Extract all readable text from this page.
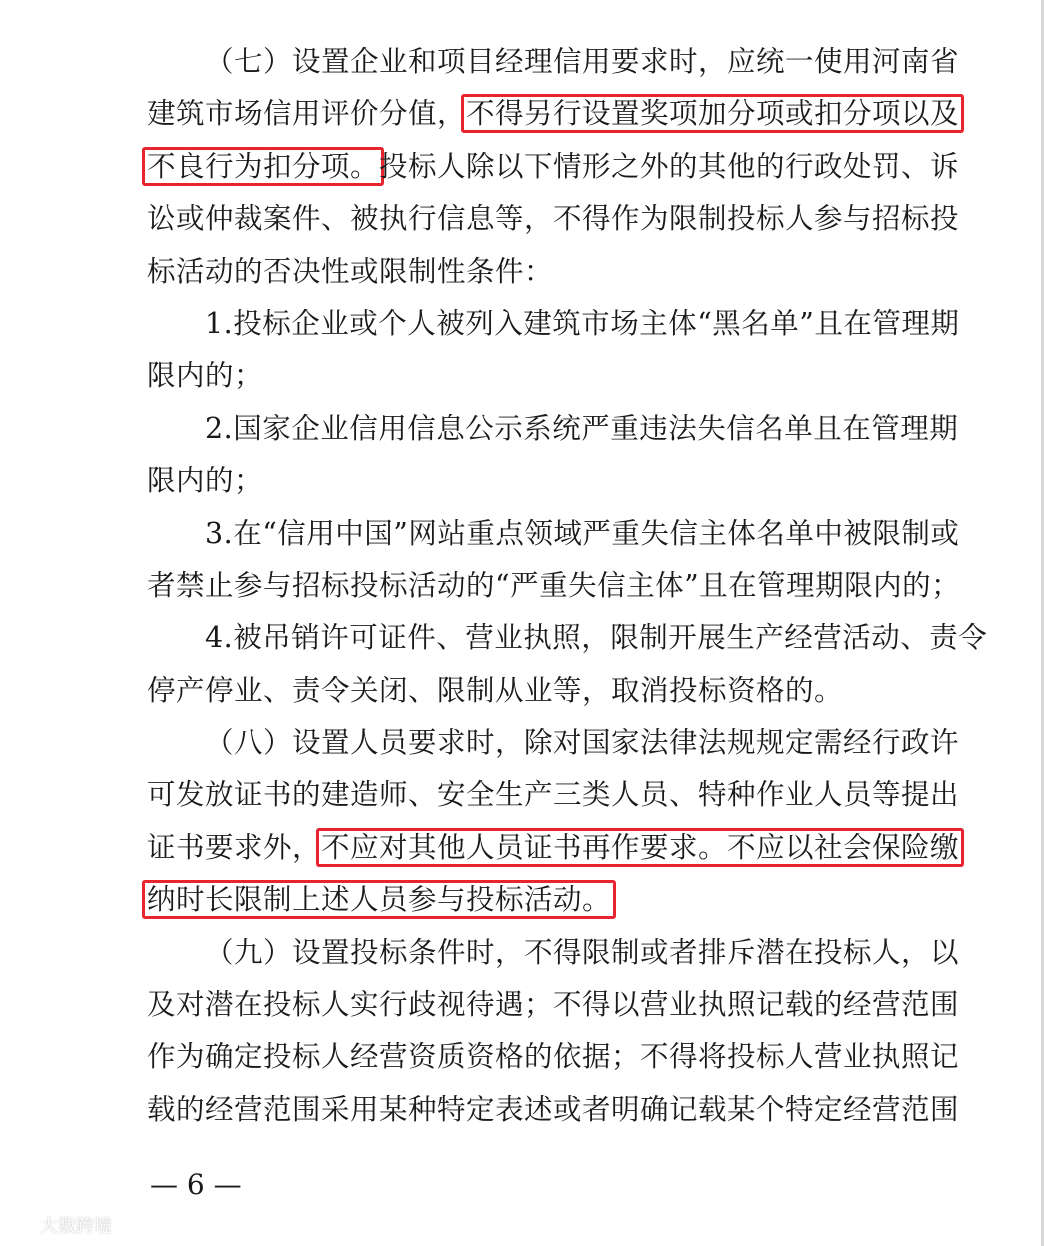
（七）设置企业和项目经理信用要求时，应统一使用河南省
建筑市场信用评价分值，不得另行设置奖项加分项或扣分项以及
不良行为扣分项。投标人除以下情形之外的其他的行政处罚、诉
讼或仲裁案件、被执行信息等，不得作为限制投标人参与招标投
标活动的否决性或限制性条件：
1.投标企业或个人被列入建筑市场主体“黑名单”且在管理期
限内的；
2.国家企业信用信息公示系统严重违法失信名单且在管理期
限内的；
3.在“信用中国”网站重点领域严重失信主体名单中被限制或
者禁止参与招标投标活动的“严重失信主体”且在管理期限内的；
4.被吊销许可证件、营业执照，限制开展生产经营活动、责令
停产停业、责令关闭、限制从业等，取消投标资格的。
（八）设置人员要求时，除对国家法律法规规定需经行政许
可发放证书的建造师、安全生产三类人员、特种作业人员等提出
证书要求外，不应对其他人员证书再作要求。不应以社会保险缴
纳时长限制上述人员参与投标活动。
（九）设置投标条件时，不得限制或者排斥潜在投标人，以
及对潜在投标人实行歧视待遇；不得以营业执照记载的经营范围
作为确定投标人经营资质资格的依据；不得将投标人营业执照记
载的经营范围采用某种特定表述或者明确记载某个特定经营范围
— 6 —
大数跨境
